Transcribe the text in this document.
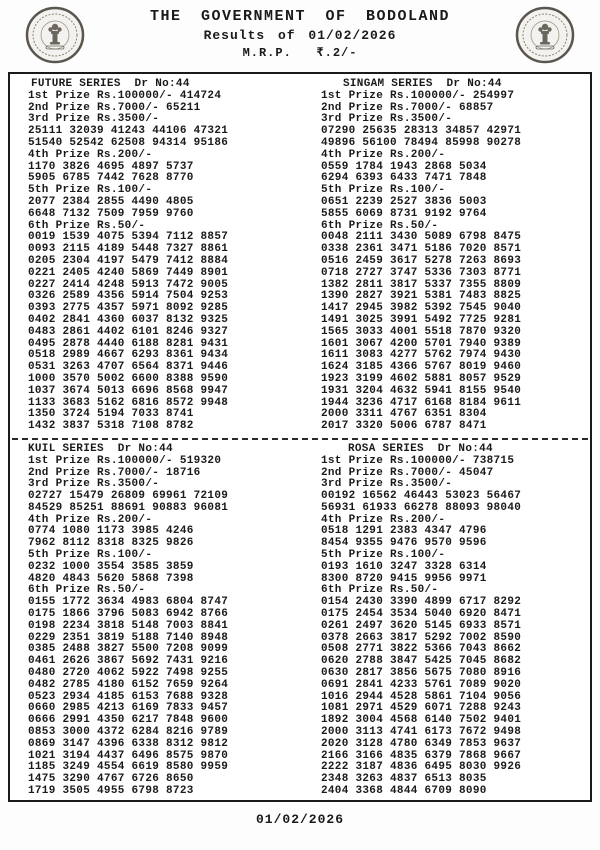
THE GOVERNMENT OF BODOLAND
Results of 01/02/2026
M.R.P.   ₹.2/-
FUTURE SERIES  Dr No:44
1st Prize Rs.100000/- 414724
2nd Prize Rs.7000/- 65211
3rd Prize Rs.3500/-
25111 32039 41243 44106 47321
51540 52542 62508 94314 95186
4th Prize Rs.200/-
1170 3826 4695 4897 5737
5905 6785 7442 7628 8770
5th Prize Rs.100/-
2077 2384 2855 4490 4805
6648 7132 7509 7959 9760
6th Prize Rs.50/-
0019 1539 4075 5394 7112 8857
0093 2115 4189 5448 7327 8861
0205 2304 4197 5479 7412 8884
0221 2405 4240 5869 7449 8901
0227 2414 4248 5913 7472 9005
0326 2589 4356 5914 7504 9253
0393 2775 4357 5971 8092 9285
0402 2841 4360 6037 8132 9325
0483 2861 4402 6101 8246 9327
0495 2878 4440 6188 8281 9431
0518 2989 4667 6293 8361 9434
0531 3263 4707 6564 8371 9446
1000 3570 5002 6600 8388 9590
1037 3674 5013 6696 8568 9947
1133 3683 5162 6816 8572 9948
1350 3724 5194 7033 8741
1432 3837 5318 7108 8782
SINGAM SERIES  Dr No:44
1st Prize Rs.100000/- 254997
2nd Prize Rs.7000/- 68857
3rd Prize Rs.3500/-
07290 25635 28313 34857 42971
49896 56100 78494 85998 90278
4th Prize Rs.200/-
0559 1784 1943 2868 5034
6294 6393 6433 7471 7848
5th Prize Rs.100/-
0651 2239 2527 3836 5003
5855 6069 8731 9192 9764
6th Prize Rs.50/-
0048 2111 3430 5089 6798 8475
0338 2361 3471 5186 7020 8571
0516 2459 3617 5278 7263 8693
0718 2727 3747 5336 7303 8771
1382 2811 3817 5337 7355 8809
1390 2827 3921 5381 7483 8825
1417 2945 3982 5392 7545 9040
1491 3025 3991 5492 7725 9281
1565 3033 4001 5518 7870 9320
1601 3067 4200 5701 7940 9389
1611 3083 4277 5762 7974 9430
1624 3185 4366 5767 8019 9460
1923 3199 4602 5881 8057 9529
1931 3204 4632 5941 8155 9540
1944 3236 4717 6168 8184 9611
2000 3311 4767 6351 8304
2017 3320 5006 6787 8471
KUIL SERIES  Dr No:44
1st Prize Rs.100000/- 519320
2nd Prize Rs.7000/- 18716
3rd Prize Rs.3500/-
02727 15479 26809 69961 72109
84529 85251 88691 90883 96081
4th Prize Rs.200/-
0774 1080 1173 3985 4246
7962 8112 8318 8325 9826
5th Prize Rs.100/-
0232 1000 3554 3585 3859
4820 4843 5620 5868 7398
6th Prize Rs.50/-
0155 1772 3634 4983 6804 8747
0175 1866 3796 5083 6942 8766
0198 2234 3818 5148 7003 8841
0229 2351 3819 5188 7140 8948
0385 2488 3827 5500 7208 9099
0461 2626 3867 5692 7431 9216
0480 2720 4062 5922 7498 9255
0482 2785 4180 6152 7659 9264
0523 2934 4185 6153 7688 9328
0660 2985 4213 6169 7833 9457
0666 2991 4350 6217 7848 9600
0853 3000 4372 6284 8216 9789
0869 3147 4396 6338 8312 9812
1021 3194 4437 6496 8575 9870
1185 3249 4554 6619 8580 9959
1475 3290 4767 6726 8650
1719 3505 4955 6798 8723
ROSA SERIES  Dr No:44
1st Prize Rs.100000/- 738715
2nd Prize Rs.7000/- 45047
3rd Prize Rs.3500/-
00192 16562 46443 53023 56467
56931 61933 66278 88093 98040
4th Prize Rs.200/-
0518 1291 2383 4347 4796
8454 9355 9476 9570 9596
5th Prize Rs.100/-
0193 1610 3247 3328 6314
8300 8720 9415 9956 9971
6th Prize Rs.50/-
0154 2430 3390 4899 6717 8292
0175 2454 3534 5040 6920 8471
0261 2497 3620 5145 6933 8571
0378 2663 3817 5292 7002 8590
0508 2771 3822 5366 7043 8662
0620 2788 3847 5425 7045 8682
0630 2817 3856 5675 7080 8916
0691 2841 4233 5761 7089 9020
1016 2944 4528 5861 7104 9056
1081 2971 4529 6071 7288 9243
1892 3004 4568 6140 7502 9401
2000 3113 4741 6173 7672 9498
2020 3128 4780 6349 7853 9637
2166 3166 4835 6379 7868 9667
2222 3187 4836 6495 8030 9926
2348 3263 4837 6513 8035
2404 3368 4844 6709 8090
01/02/2026
